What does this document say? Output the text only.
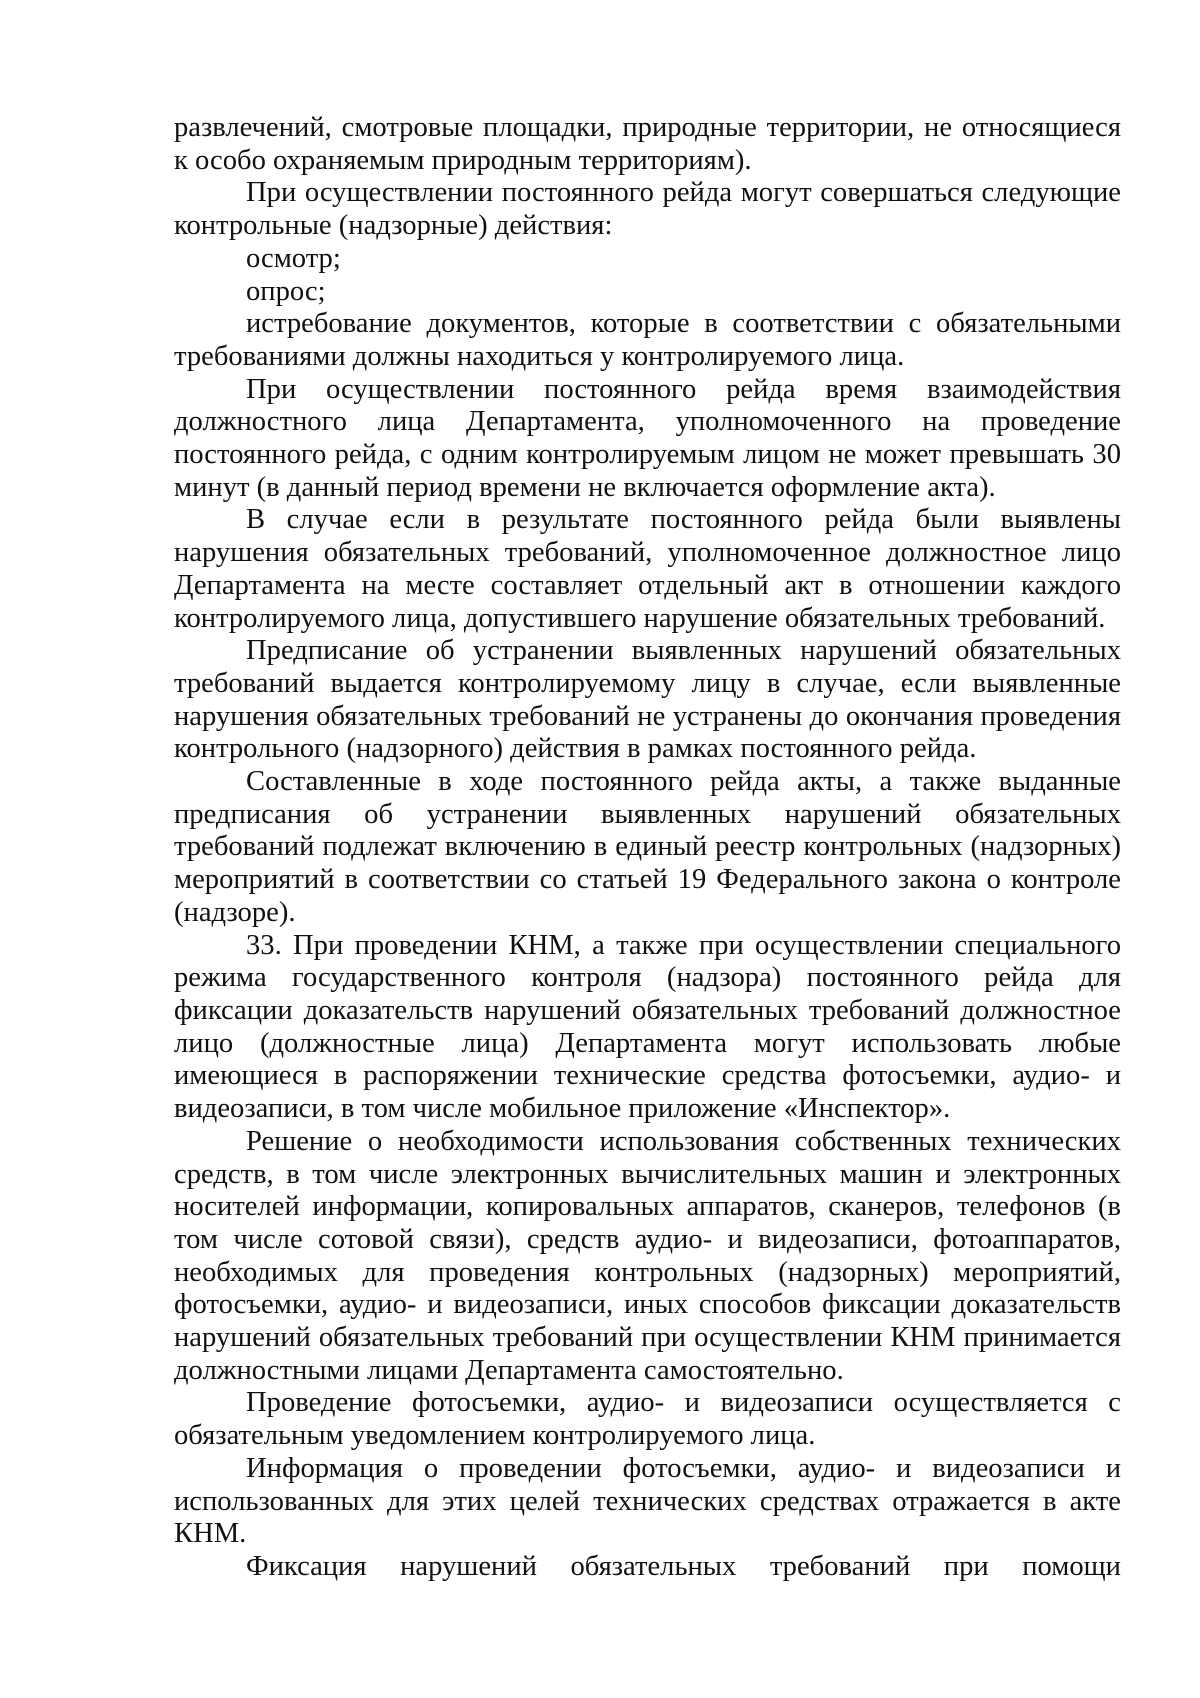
развлечений, смотровые площадки, природные территории, не относящиеся к особо охраняемым природным территориям).

При осуществлении постоянного рейда могут совершаться следующие контрольные (надзорные) действия:

осмотр;

опрос;

истребование документов, которые в соответствии с обязательными требованиями должны находиться у контролируемого лица.

При осуществлении постоянного рейда время взаимодействия должностного лица Департамента, уполномоченного на проведение постоянного рейда, с одним контролируемым лицом не может превышать 30 минут (в данный период времени не включается оформление акта).

В случае если в результате постоянного рейда были выявлены нарушения обязательных требований, уполномоченное должностное лицо Департамента на месте составляет отдельный акт в отношении каждого контролируемого лица, допустившего нарушение обязательных требований.

Предписание об устранении выявленных нарушений обязательных требований выдается контролируемому лицу в случае, если выявленные нарушения обязательных требований не устранены до окончания проведения контрольного (надзорного) действия в рамках постоянного рейда.

Составленные в ходе постоянного рейда акты, а также выданные предписания об устранении выявленных нарушений обязательных требований подлежат включению в единый реестр контрольных (надзорных) мероприятий в соответствии со статьей 19 Федерального закона о контроле (надзоре).

33. При проведении КНМ, а также при осуществлении специального режима государственного контроля (надзора) постоянного рейда для фиксации доказательств нарушений обязательных требований должностное лицо (должностные лица) Департамента могут использовать любые имеющиеся в распоряжении технические средства фотосъемки, аудио- и видеозаписи, в том числе мобильное приложение «Инспектор».

Решение о необходимости использования собственных технических средств, в том числе электронных вычислительных машин и электронных носителей информации, копировальных аппаратов, сканеров, телефонов (в том числе сотовой связи), средств аудио- и видеозаписи, фотоаппаратов, необходимых для проведения контрольных (надзорных) мероприятий, фотосъемки, аудио- и видеозаписи, иных способов фиксации доказательств нарушений обязательных требований при осуществлении КНМ принимается должностными лицами Департамента самостоятельно.

Проведение фотосъемки, аудио- и видеозаписи осуществляется с обязательным уведомлением контролируемого лица.

Информация о проведении фотосъемки, аудио- и видеозаписи и использованных для этих целей технических средствах отражается в акте КНМ.

Фиксация нарушений обязательных требований при помощи
